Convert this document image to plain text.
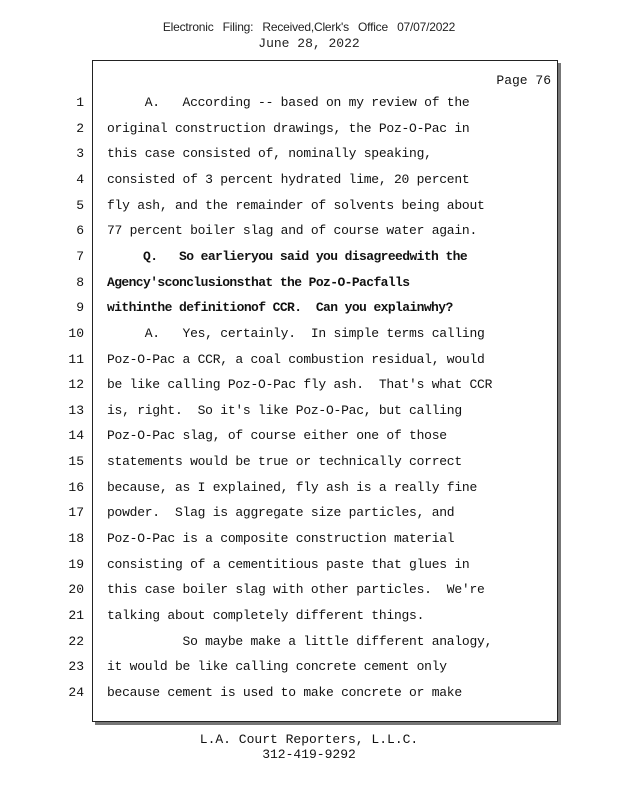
Electronic Filing: Received,Clerk's Office 07/07/2022
June 28, 2022
Page 76
1 A.   According -- based on my review of the
2 original construction drawings, the Poz-O-Pac in
3 this case consisted of, nominally speaking,
4 consisted of 3 percent hydrated lime, 20 percent
5 fly ash, and the remainder of solvents being about
6 77 percent boiler slag and of course water again.
7 Q.   So earlieryou said you disagreedwith the
8 Agency'sconclusionsthat the Poz-O-Pacfalls
9 withinthe definitionof CCR.  Can you explainwhy?
10 A.   Yes, certainly.  In simple terms calling
11 Poz-O-Pac a CCR, a coal combustion residual, would
12 be like calling Poz-O-Pac fly ash.  That's what CCR
13 is, right.  So it's like Poz-O-Pac, but calling
14 Poz-O-Pac slag, of course either one of those
15 statements would be true or technically correct
16 because, as I explained, fly ash is a really fine
17 powder.  Slag is aggregate size particles, and
18 Poz-O-Pac is a composite construction material
19 consisting of a cementitious paste that glues in
20 this case boiler slag with other particles.  We're
21 talking about completely different things.
22 So maybe make a little different analogy,
23 it would be like calling concrete cement only
24 because cement is used to make concrete or make
L.A. Court Reporters, L.L.C.
312-419-9292
